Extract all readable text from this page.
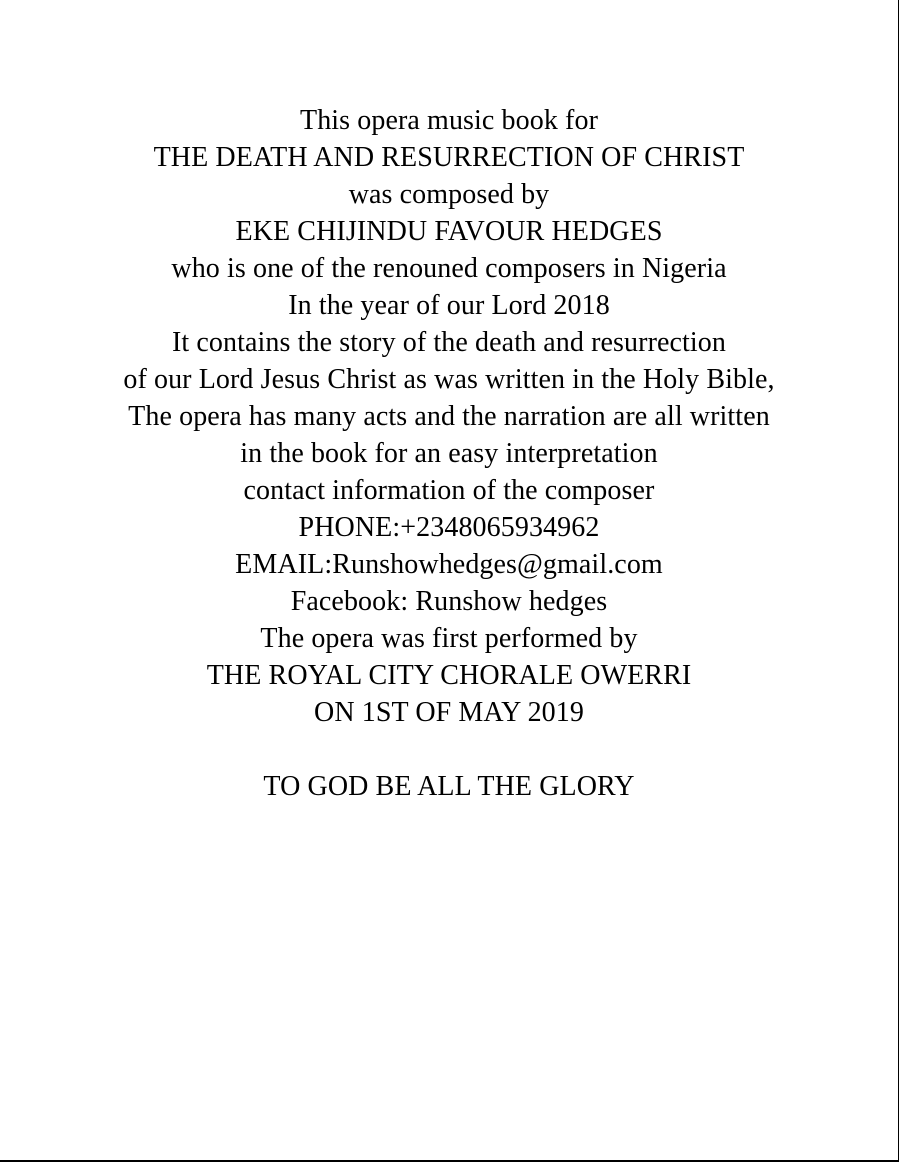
This opera music book for
THE DEATH AND RESURRECTION OF CHRIST
was composed by
EKE CHIJINDU FAVOUR HEDGES
who is one of the renouned composers in Nigeria
In the year of our Lord 2018
It contains the story of the death and resurrection
of our Lord Jesus Christ as was written in the Holy Bible,
The opera has many acts and the narration are all written
in the book for an easy interpretation
contact information of the composer
PHONE:+2348065934962
EMAIL:Runshowhedges@gmail.com
Facebook: Runshow hedges
The opera was first performed by
THE ROYAL CITY CHORALE OWERRI
ON 1ST OF MAY 2019
TO GOD BE ALL THE GLORY
